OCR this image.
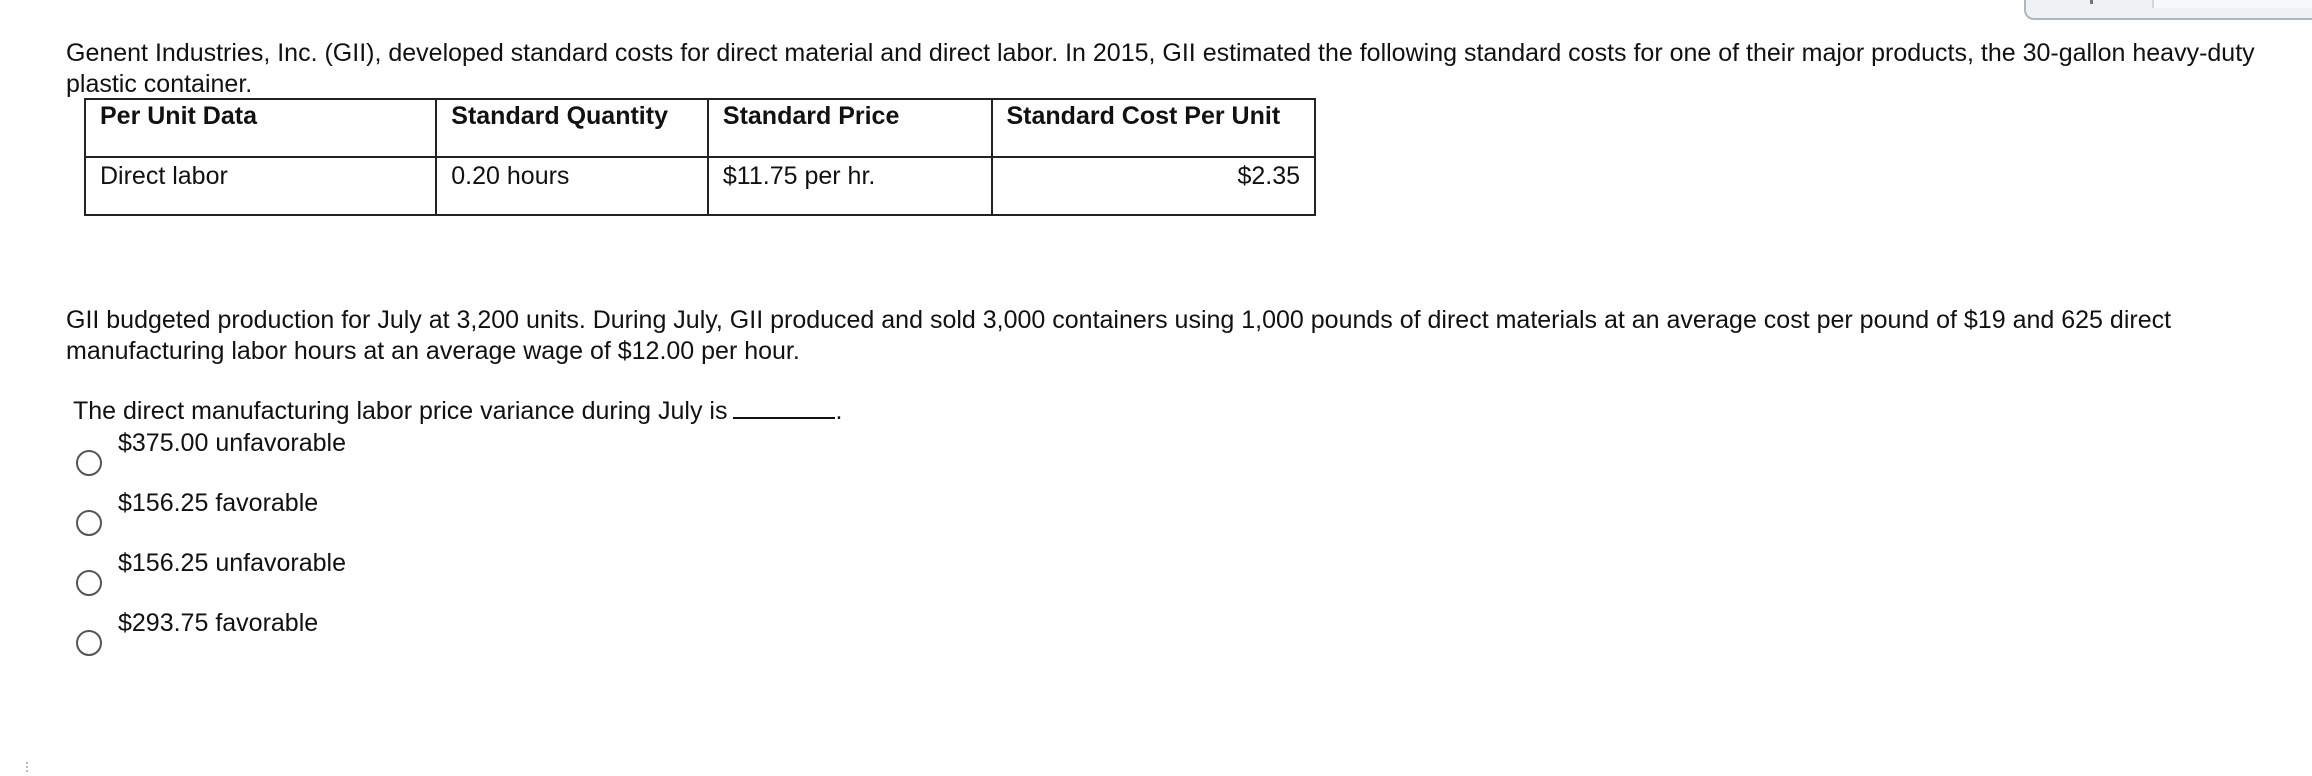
Genent Industries, Inc. (GII), developed standard costs for direct material and direct labor. In 2015, GII estimated the following standard costs for one of their major products, the 30-gallon heavy-duty plastic container.
Per Unit Data	Standard Quantity	Standard Price	Standard Cost Per Unit
Direct labor	0.20 hours	$11.75 per hr.	$2.35
GII budgeted production for July at 3,200 units. During July, GII produced and sold 3,000 containers using 1,000 pounds of direct materials at an average cost per pound of $19 and 625 direct manufacturing labor hours at an average wage of $12.00 per hour.
The direct manufacturing labor price variance during July is	.
$375.00 unfavorable
$156.25 favorable
$156.25 unfavorable
$293.75 favorable
